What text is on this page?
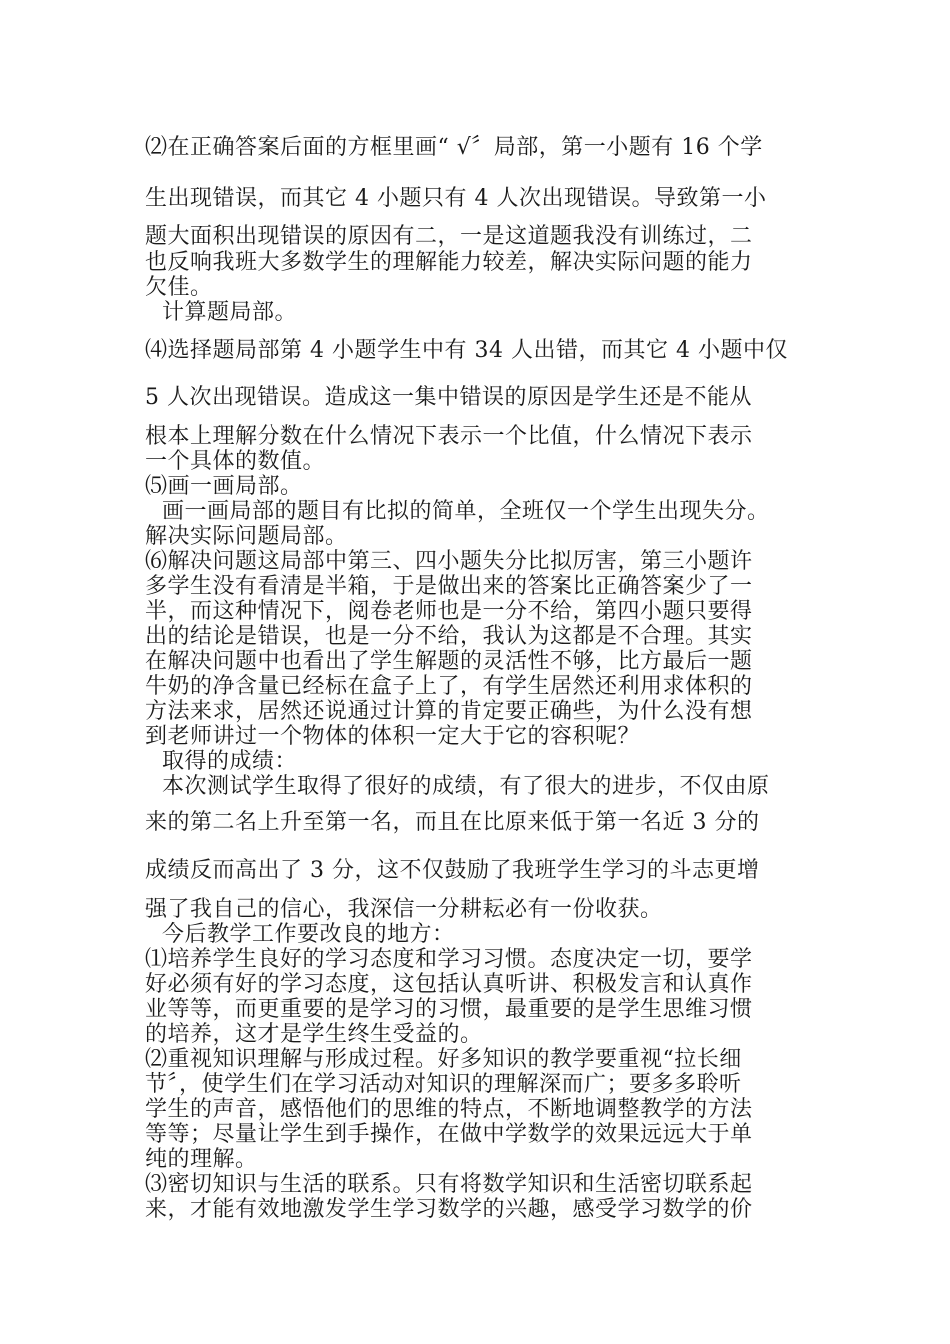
⑵在正确答案后面的方框里画“ √〞局部，第一小题有 16 个学
生出现错误，而其它 4 小题只有 4 人次出现错误。导致第一小
题大面积出现错误的原因有二，一是这道题我没有训练过，二
也反响我班大多数学生的理解能力较差，解决实际问题的能力
欠佳。
计算题局部。
⑷选择题局部第 4 小题学生中有 34 人出错，而其它 4 小题中仅
5 人次出现错误。造成这一集中错误的原因是学生还是不能从
根本上理解分数在什么情况下表示一个比值，什么情况下表示
一个具体的数值。
⑸画一画局部。
画一画局部的题目有比拟的简单，全班仅一个学生出现失分。
解决实际问题局部。
⑹解决问题这局部中第三、四小题失分比拟厉害，第三小题许
多学生没有看清是半箱，于是做出来的答案比正确答案少了一
半，而这种情况下，阅卷老师也是一分不给，第四小题只要得
出的结论是错误，也是一分不给，我认为这都是不合理。其实
在解决问题中也看出了学生解题的灵活性不够，比方最后一题
牛奶的净含量已经标在盒子上了，有学生居然还利用求体积的
方法来求，居然还说通过计算的肯定要正确些，为什么没有想
到老师讲过一个物体的体积一定大于它的容积呢？
取得的成绩：
本次测试学生取得了很好的成绩，有了很大的进步，不仅由原
来的第二名上升至第一名，而且在比原来低于第一名近 3 分的
成绩反而高出了 3 分，这不仅鼓励了我班学生学习的斗志更增
强了我自己的信心，我深信一分耕耘必有一份收获。
今后教学工作要改良的地方：
⑴培养学生良好的学习态度和学习习惯。态度决定一切，要学
好必须有好的学习态度，这包括认真听讲、积极发言和认真作
业等等，而更重要的是学习的习惯，最重要的是学生思维习惯
的培养，这才是学生终生受益的。
⑵重视知识理解与形成过程。好多知识的教学要重视“拉长细
节〞，使学生们在学习活动对知识的理解深而广；要多多聆听
学生的声音，感悟他们的思维的特点，不断地调整教学的方法
等等；尽量让学生到手操作，在做中学数学的效果远远大于单
纯的理解。
⑶密切知识与生活的联系。只有将数学知识和生活密切联系起
来，才能有效地激发学生学习数学的兴趣，感受学习数学的价
